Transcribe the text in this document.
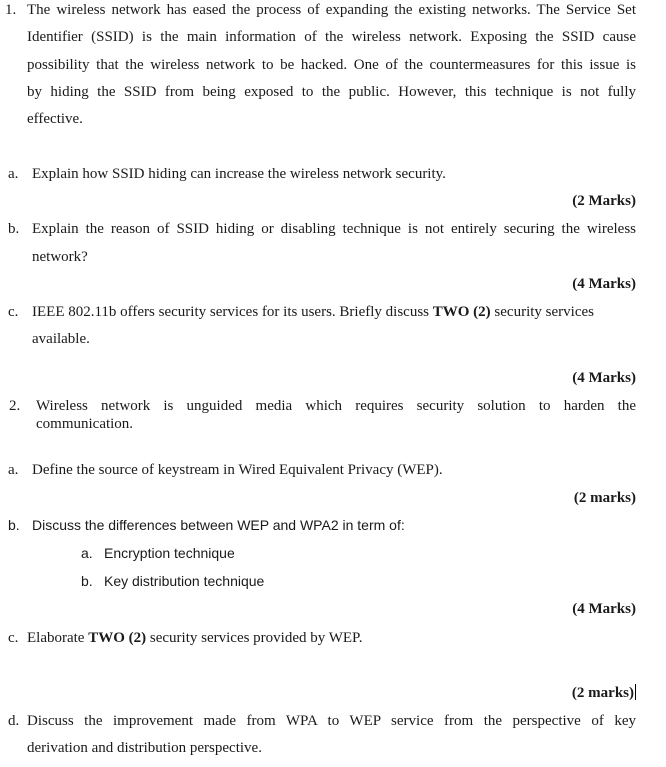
1. The wireless network has eased the process of expanding the existing networks. The Service Set
Identifier (SSID) is the main information of the wireless network. Exposing the SSID cause
possibility that the wireless network to be hacked. One of the countermeasures for this issue is
by hiding the SSID from being exposed to the public. However, this technique is not fully
effective.
a. Explain how SSID hiding can increase the wireless network security.
(2 Marks)
b. Explain the reason of SSID hiding or disabling technique is not entirely securing the wireless
network?
(4 Marks)
c. IEEE 802.11b offers security services for its users. Briefly discuss TWO (2) security services
available.
(4 Marks)
2. Wireless network is unguided media which requires security solution to harden the
communication.
a. Define the source of keystream in Wired Equivalent Privacy (WEP).
(2 marks)
b. Discuss the differences between WEP and WPA2 in term of:
a. Encryption technique
b. Key distribution technique
(4 Marks)
c. Elaborate TWO (2) security services provided by WEP.
(2 marks)
d. Discuss the improvement made from WPA to WEP service from the perspective of key
derivation and distribution perspective.
